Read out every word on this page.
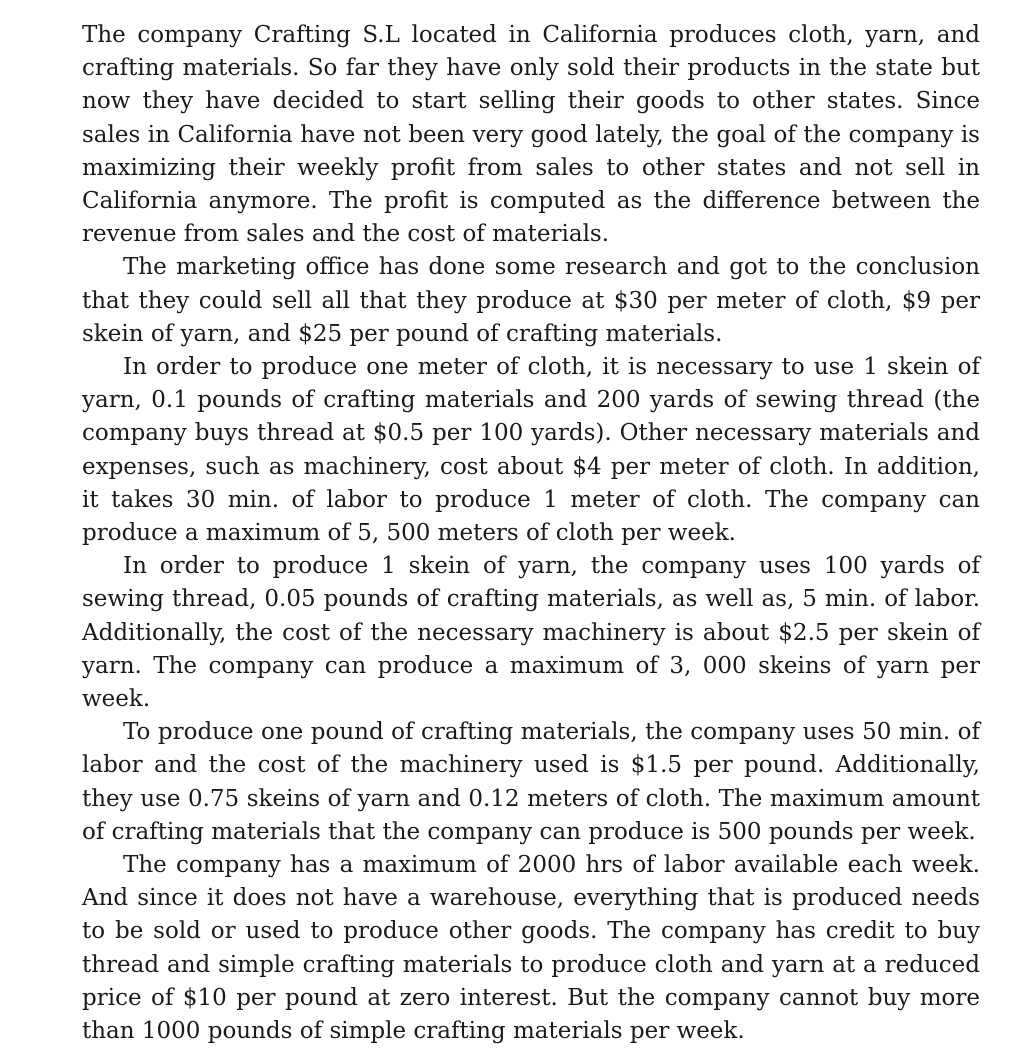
The company Crafting S.L located in California produces cloth, yarn, and crafting materials. So far they have only sold their products in the state but now they have decided to start selling their goods to other states. Since sales in California have not been very good lately, the goal of the company is maximizing their weekly profit from sales to other states and not sell in California anymore. The profit is computed as the difference between the revenue from sales and the cost of materials.

The marketing office has done some research and got to the conclusion that they could sell all that they produce at $30 per meter of cloth, $9 per skein of yarn, and $25 per pound of crafting materials.

In order to produce one meter of cloth, it is necessary to use 1 skein of yarn, 0.1 pounds of crafting materials and 200 yards of sewing thread (the company buys thread at $0.5 per 100 yards). Other necessary materials and expenses, such as machinery, cost about $4 per meter of cloth. In addition, it takes 30 min. of labor to produce 1 meter of cloth. The company can produce a maximum of 5, 500 meters of cloth per week.

In order to produce 1 skein of yarn, the company uses 100 yards of sewing thread, 0.05 pounds of crafting materials, as well as, 5 min. of labor. Additionally, the cost of the necessary machinery is about $2.5 per skein of yarn. The company can produce a maximum of 3, 000 skeins of yarn per week.

To produce one pound of crafting materials, the company uses 50 min. of labor and the cost of the machinery used is $1.5 per pound. Additionally, they use 0.75 skeins of yarn and 0.12 meters of cloth. The maximum amount of crafting materials that the company can produce is 500 pounds per week.

The company has a maximum of 2000 hrs of labor available each week. And since it does not have a warehouse, everything that is produced needs to be sold or used to produce other goods. The company has credit to buy thread and simple crafting materials to produce cloth and yarn at a reduced price of $10 per pound at zero interest. But the company cannot buy more than 1000 pounds of simple crafting materials per week.
